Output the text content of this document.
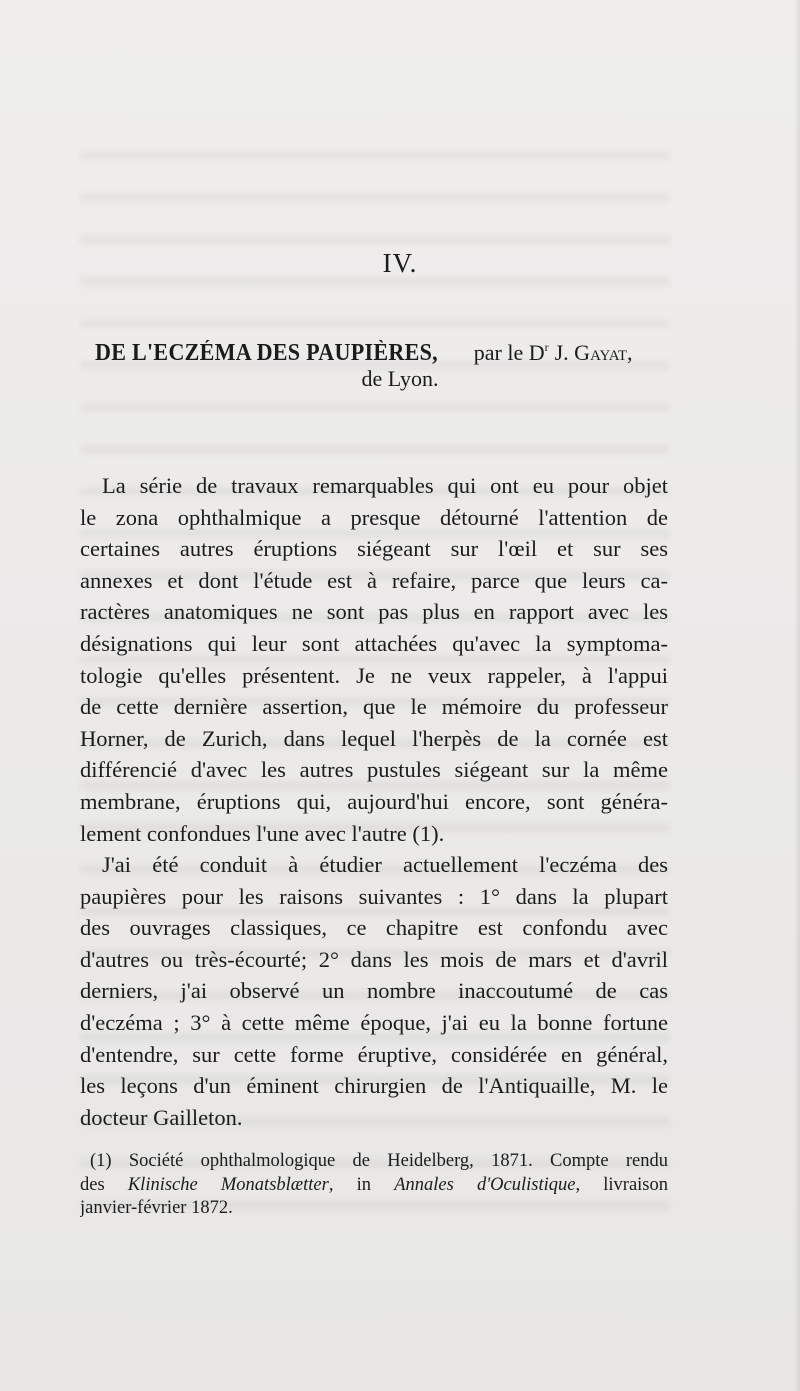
IV.
DE L'ECZÉMA DES PAUPIÈRES, par le $D^r$ J. Gayat,
de Lyon.
La série de travaux remarquables qui ont eu pour objet
le zona ophthalmique a presque détourné l'attention de
certaines autres éruptions siégeant sur l'œil et sur ses
annexes et dont l'étude est à refaire, parce que leurs ca-
ractères anatomiques ne sont pas plus en rapport avec les
désignations qui leur sont attachées qu'avec la symptoma-
tologie qu'elles présentent. Je ne veux rappeler, à l'appui
de cette dernière assertion, que le mémoire du professeur
Horner, de Zurich, dans lequel l'herpès de la cornée est
différencié d'avec les autres pustules siégeant sur la même
membrane, éruptions qui, aujourd'hui encore, sont généra-
lement confondues l'une avec l'autre (1).
J'ai été conduit à étudier actuellement l'eczéma des
paupières pour les raisons suivantes : 1° dans la plupart
des ouvrages classiques, ce chapitre est confondu avec
d'autres ou très-écourté; 2° dans les mois de mars et d'avril
derniers, j'ai observé un nombre inaccoutumé de cas
d'eczéma ; 3° à cette même époque, j'ai eu la bonne fortune
d'entendre, sur cette forme éruptive, considérée en général,
les leçons d'un éminent chirurgien de l'Antiquaille, M. le
docteur Gailleton.
(1) Société ophthalmologique de Heidelberg, 1871. Compte rendu
des Klinische Monatsblætter, in Annales d'Oculistique, livraison
janvier-février 1872.
